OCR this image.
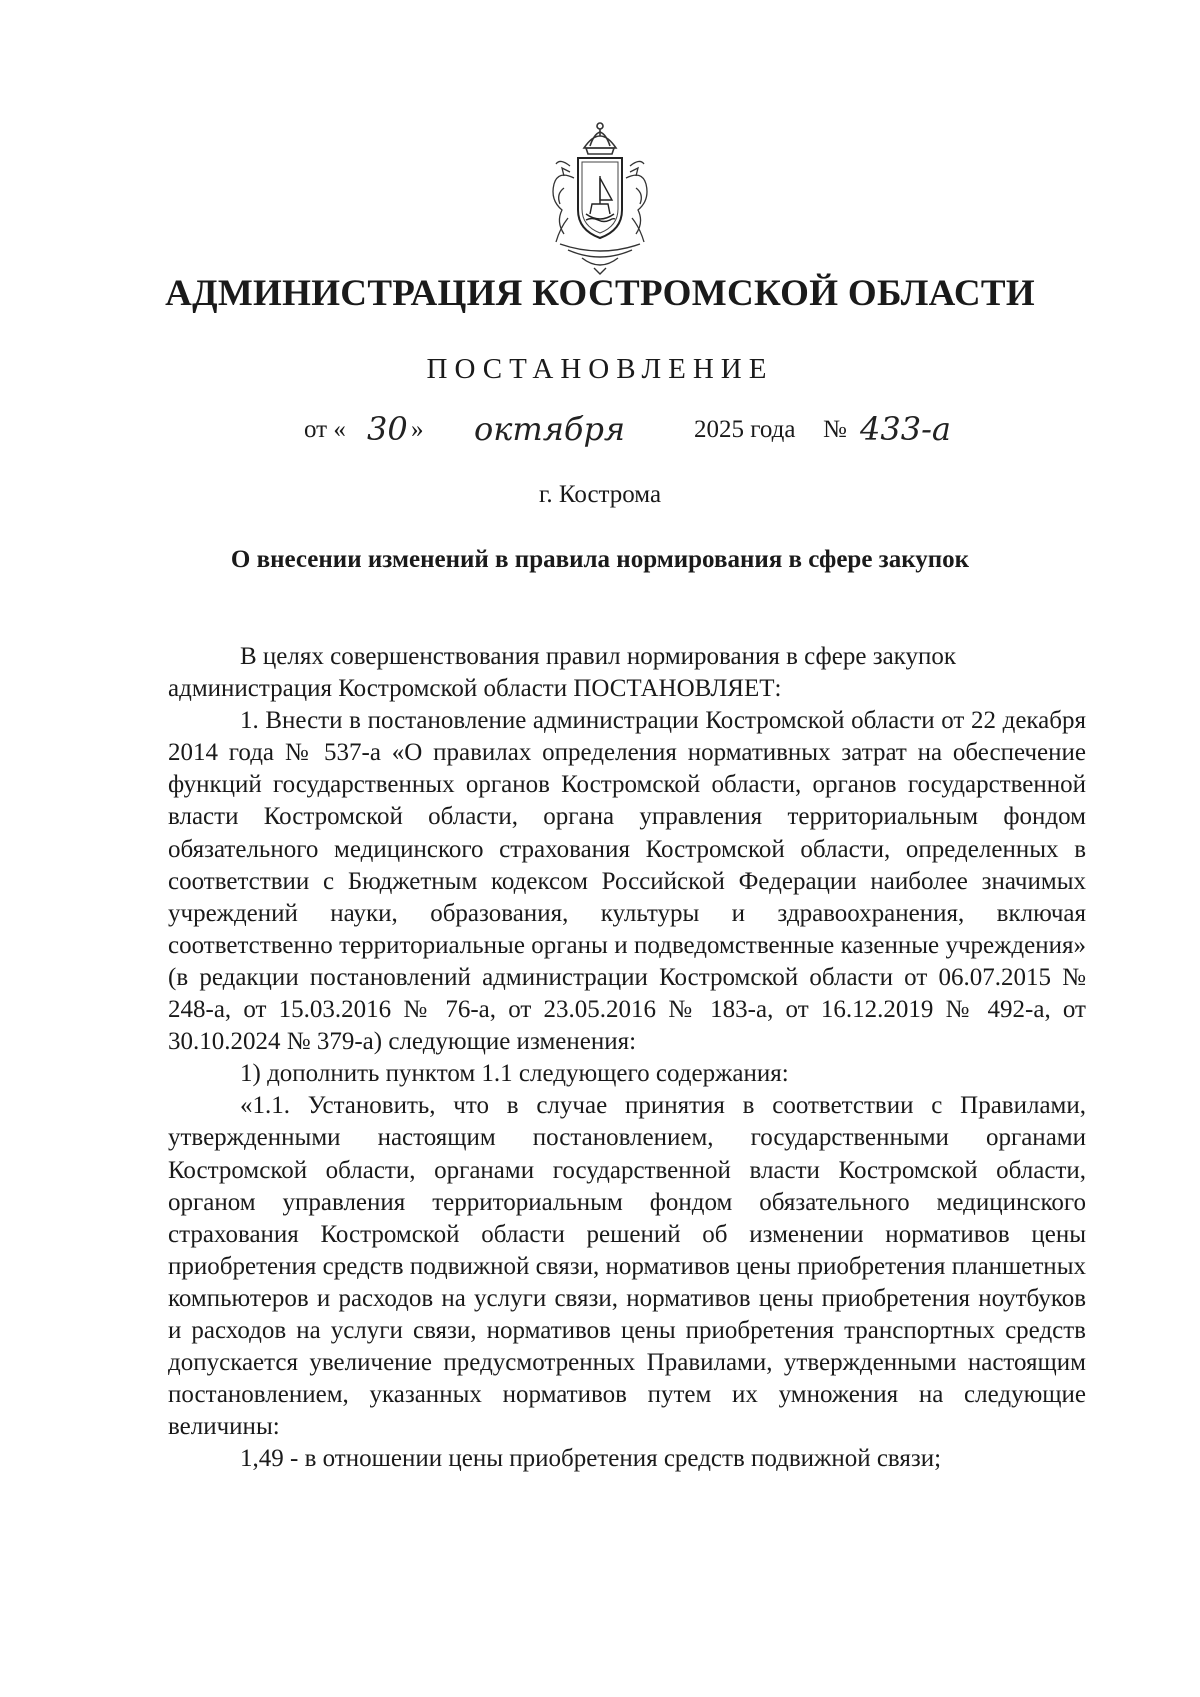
АДМИНИСТРАЦИЯ КОСТРОМСКОЙ ОБЛАСТИ
ПОСТАНОВЛЕНИЕ
от « 30 » октября	2025 года № 433-а
г. Кострома
О внесении изменений в правила нормирования в сфере закупок

В целях совершенствования правил нормирования в сфере закупок администрация Костромской области ПОСТАНОВЛЯЕТ:

1. Внести в постановление администрации Костромской области от 22 декабря 2014 года № 537-а «О правилах определения нормативных затрат на обеспечение функций государственных органов Костромской области, органов государственной власти Костромской области, органа управления территориальным фондом обязательного медицинского страхования Костромской области, определенных в соответствии с Бюджетным кодексом Российской Федерации наиболее значимых учреждений науки, образования, культуры и здравоохранения, включая соответственно территориальные органы и подведомственные казенные учреждения» (в редакции постановлений администрации Костромской области от 06.07.2015 № 248-а, от 15.03.2016 № 76-а, от 23.05.2016 № 183-а, от 16.12.2019 № 492-а, от 30.10.2024 № 379-а) следующие изменения:

1) дополнить пунктом 1.1 следующего содержания:

«1.1. Установить, что в случае принятия в соответствии с Правилами, утвержденными настоящим постановлением, государственными органами Костромской области, органами государственной власти Костромской области, органом управления территориальным фондом обязательного медицинского страхования Костромской области решений об изменении нормативов цены приобретения средств подвижной связи, нормативов цены приобретения планшетных компьютеров и расходов на услуги связи, нормативов цены приобретения ноутбуков и расходов на услуги связи, нормативов цены приобретения транспортных средств допускается увеличение предусмотренных Правилами, утвержденными настоящим постановлением, указанных нормативов путем их умножения на следующие величины:

1,49 - в отношении цены приобретения средств подвижной связи;
